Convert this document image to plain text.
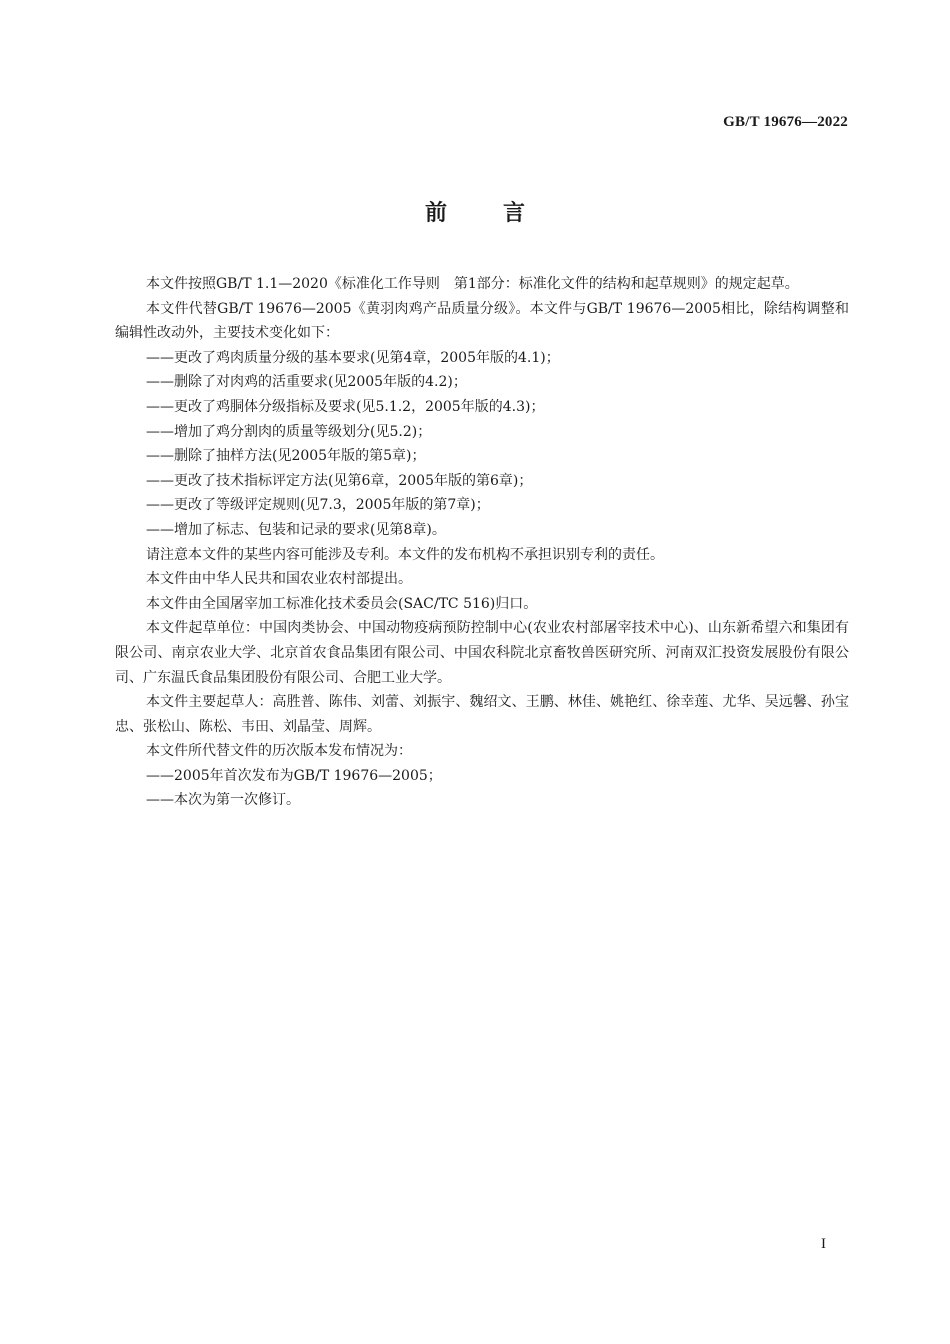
GB/T 19676—2022
前言

本文件按照GB/T 1.1—2020《标准化工作导则　第1部分：标准化文件的结构和起草规则》的规定起草。

本文件代替GB/T 19676—2005《黄羽肉鸡产品质量分级》。本文件与GB/T 19676—2005相比，除结构调整和编辑性改动外，主要技术变化如下：

——更改了鸡肉质量分级的基本要求(见第4章，2005年版的4.1)；

——删除了对肉鸡的活重要求(见2005年版的4.2)；

——更改了鸡胴体分级指标及要求(见5.1.2，2005年版的4.3)；

——增加了鸡分割肉的质量等级划分(见5.2)；

——删除了抽样方法(见2005年版的第5章)；

——更改了技术指标评定方法(见第6章，2005年版的第6章)；

——更改了等级评定规则(见7.3，2005年版的第7章)；

——增加了标志、包装和记录的要求(见第8章)。

请注意本文件的某些内容可能涉及专利。本文件的发布机构不承担识别专利的责任。

本文件由中华人民共和国农业农村部提出。

本文件由全国屠宰加工标准化技术委员会(SAC/TC 516)归口。

本文件起草单位：中国肉类协会、中国动物疫病预防控制中心(农业农村部屠宰技术中心)、山东新希望六和集团有限公司、南京农业大学、北京首农食品集团有限公司、中国农科院北京畜牧兽医研究所、河南双汇投资发展股份有限公司、广东温氏食品集团股份有限公司、合肥工业大学。

本文件主要起草人：高胜普、陈伟、刘蕾、刘振宇、魏绍文、王鹏、林佳、姚艳红、徐幸莲、尤华、吴远馨、孙宝忠、张松山、陈松、韦田、刘晶莹、周辉。

本文件所代替文件的历次版本发布情况为：

——2005年首次发布为GB/T 19676—2005；

——本次为第一次修订。

I
